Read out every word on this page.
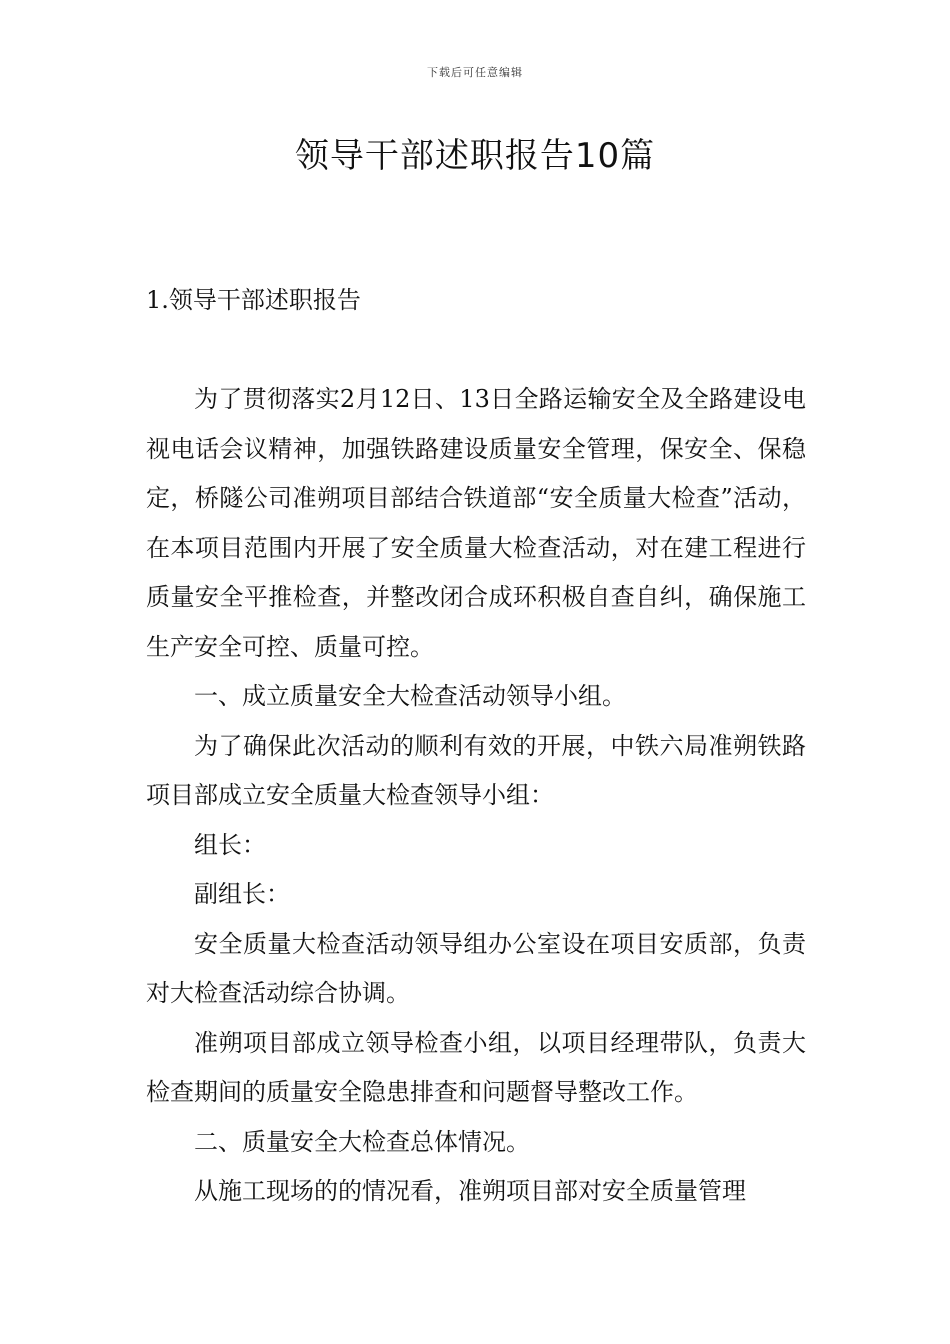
下载后可任意编辑
领导干部述职报告10篇
1.领导干部述职报告

为了贯彻落实2月12日、13日全路运输安全及全路建设电视电话会议精神，加强铁路建设质量安全管理，保安全、保稳定，桥隧公司准朔项目部结合铁道部“安全质量大检查”活动，在本项目范围内开展了安全质量大检查活动，对在建工程进行质量安全平推检查，并整改闭合成环积极自查自纠，确保施工生产安全可控、质量可控。

一、成立质量安全大检查活动领导小组。

为了确保此次活动的顺利有效的开展，中铁六局准朔铁路项目部成立安全质量大检查领导小组：

组长：

副组长：

安全质量大检查活动领导组办公室设在项目安质部，负责对大检查活动综合协调。

准朔项目部成立领导检查小组，以项目经理带队，负责大检查期间的质量安全隐患排查和问题督导整改工作。

二、质量安全大检查总体情况。

从施工现场的的情况看，准朔项目部对安全质量管理
